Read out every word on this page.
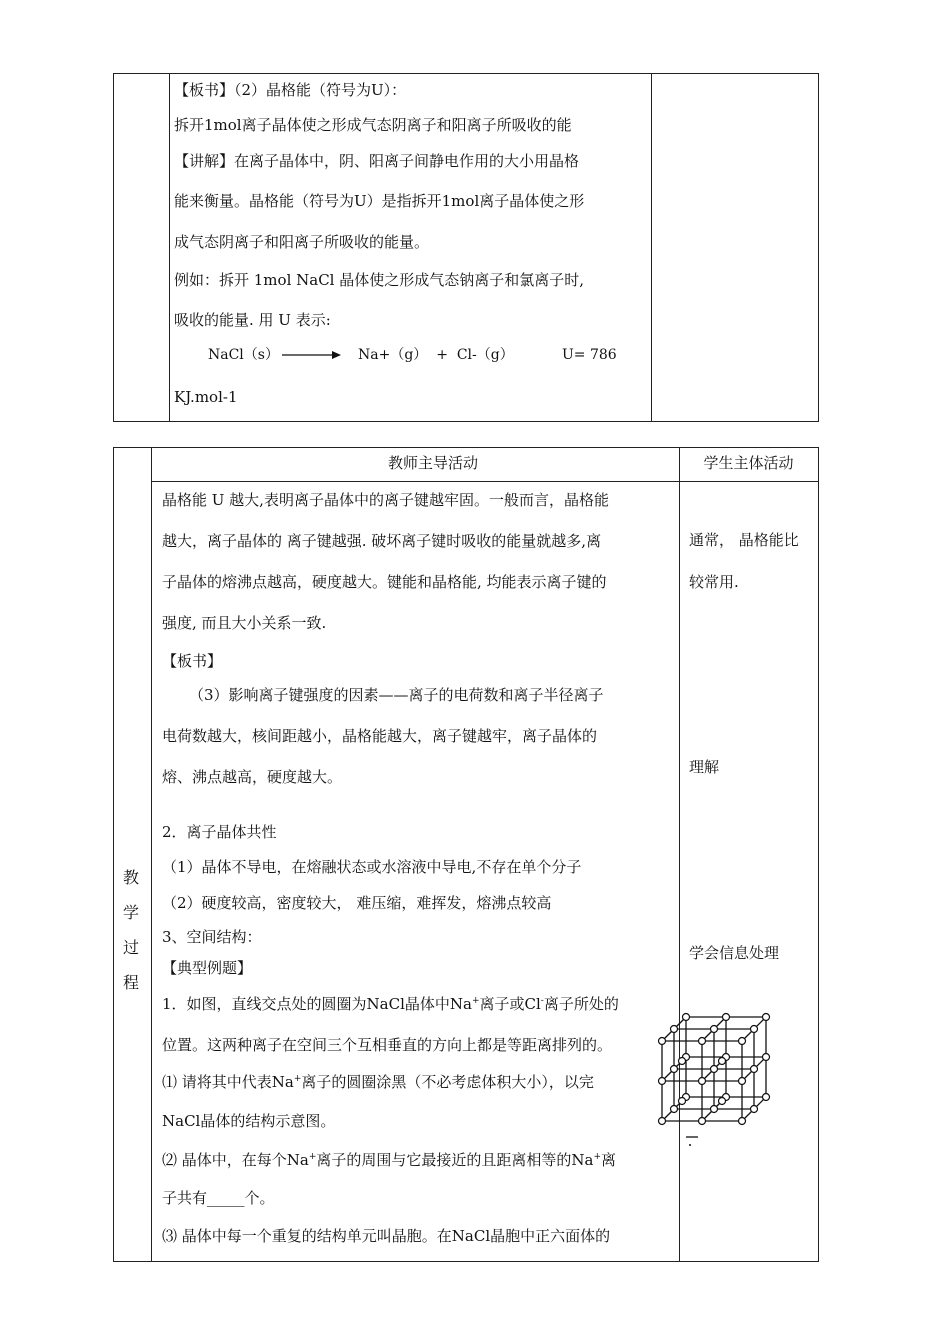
【板书】（2）晶格能（符号为U）：
拆开1mol离子晶体使之形成气态阴离子和阳离子所吸收的能
【讲解】在离子晶体中，阴、阳离子间静电作用的大小用晶格
能来衡量。晶格能（符号为U）是指拆开1mol离子晶体使之形
成气态阴离子和阳离子所吸收的能量。
例如：拆开 1mol NaCl 晶体使之形成气态钠离子和氯离子时,
吸收的能量. 用 U 表示:
NaCl（s） → Na+（g）  +  Cl-（g）	U= 786
KJ.mol-1
教师主导活动	学生主体活动
教
学
过
程
晶格能 U 越大,表明离子晶体中的离子键越牢固。一般而言，晶格能
越大，离子晶体的 离子键越强. 破坏离子键时吸收的能量就越多,离
子晶体的熔沸点越高，硬度越大。键能和晶格能, 均能表示离子键的
强度, 而且大小关系一致.
【板书】
（3）影响离子键强度的因素——离子的电荷数和离子半径离子
电荷数越大，核间距越小，晶格能越大，离子键越牢，离子晶体的
熔、沸点越高，硬度越大。
2．离子晶体共性
（1）晶体不导电，在熔融状态或水溶液中导电,不存在单个分子
（2）硬度较高，密度较大， 难压缩，难挥发，熔沸点较高
3、空间结构：
【典型例题】
1．如图，直线交点处的圆圈为NaCl晶体中Na+离子或Cl-离子所处的
位置。这两种离子在空间三个互相垂直的方向上都是等距离排列的。
⑴ 请将其中代表Na+离子的圆圈涂黑（不必考虑体积大小），以完
NaCl晶体的结构示意图。
⑵ 晶体中，在每个Na+离子的周围与它最接近的且距离相等的Na+离
子共有_____个。
⑶ 晶体中每一个重复的结构单元叫晶胞。在NaCl晶胞中正六面体的
通常， 晶格能比
较常用.
理解
学会信息处理
